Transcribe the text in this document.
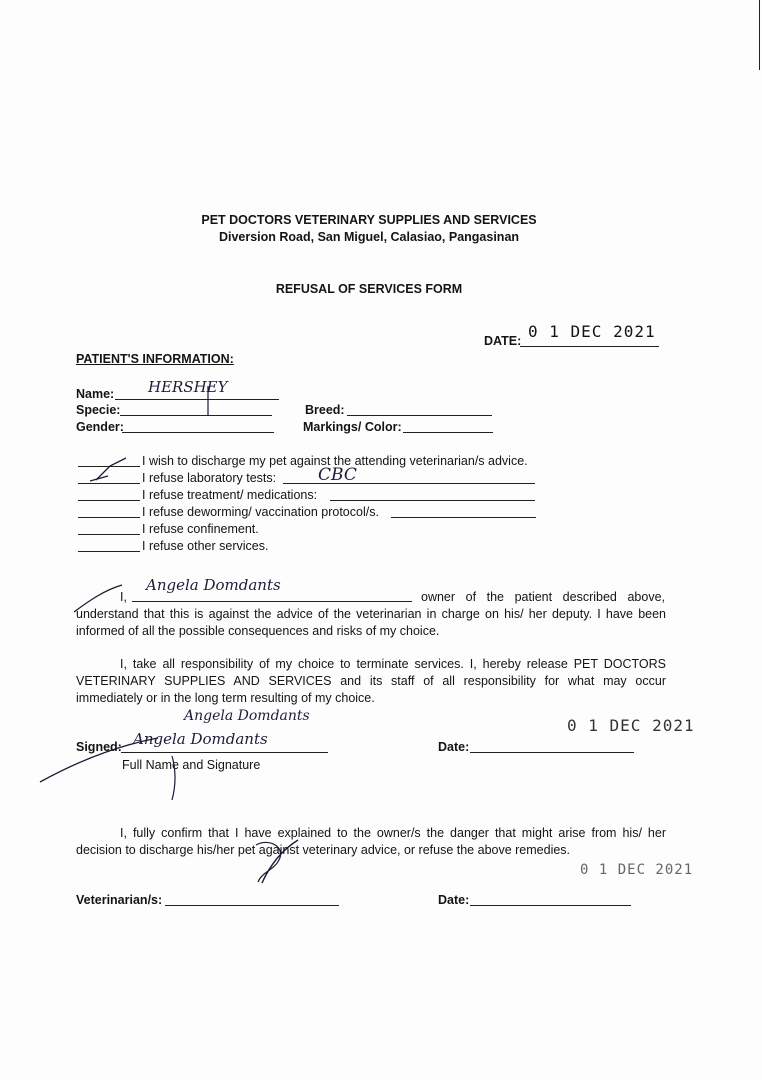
PET DOCTORS VETERINARY SUPPLIES AND SERVICES
Diversion Road, San Miguel, Calasiao, Pangasinan
REFUSAL OF SERVICES FORM
DATE: 0 1 DEC 2021
PATIENT'S INFORMATION:
Name: HERSHEY
Specie:
Gender:
Breed:
Markings/ Color:
I wish to discharge my pet against the attending veterinarian/s advice.
I refuse laboratory tests: CBC
I refuse treatment/ medications:
I refuse deworming/ vaccination protocol/s.
I refuse confinement.
I refuse other services.
I,
Angela Domdants
owner of the patient described above,
understand that this is against the advice of the veterinarian in charge on his/ her deputy. I have been informed of all the possible consequences and risks of my choice.
I, take all responsibility of my choice to terminate services. I, hereby release PET DOCTORS VETERINARY SUPPLIES AND SERVICES and its staff of all responsibility for what may occur immediately or in the long term resulting of my choice.
Angela Domdants
Signed: Angela Domdants
Full Name and Signature
Date:
0 1 DEC 2021
I, fully confirm that I have explained to the owner/s the danger that might arise from his/ her decision to discharge his/her pet against veterinary advice, or refuse the above remedies.
Veterinarian/s:	Date:
0 1 DEC 2021
